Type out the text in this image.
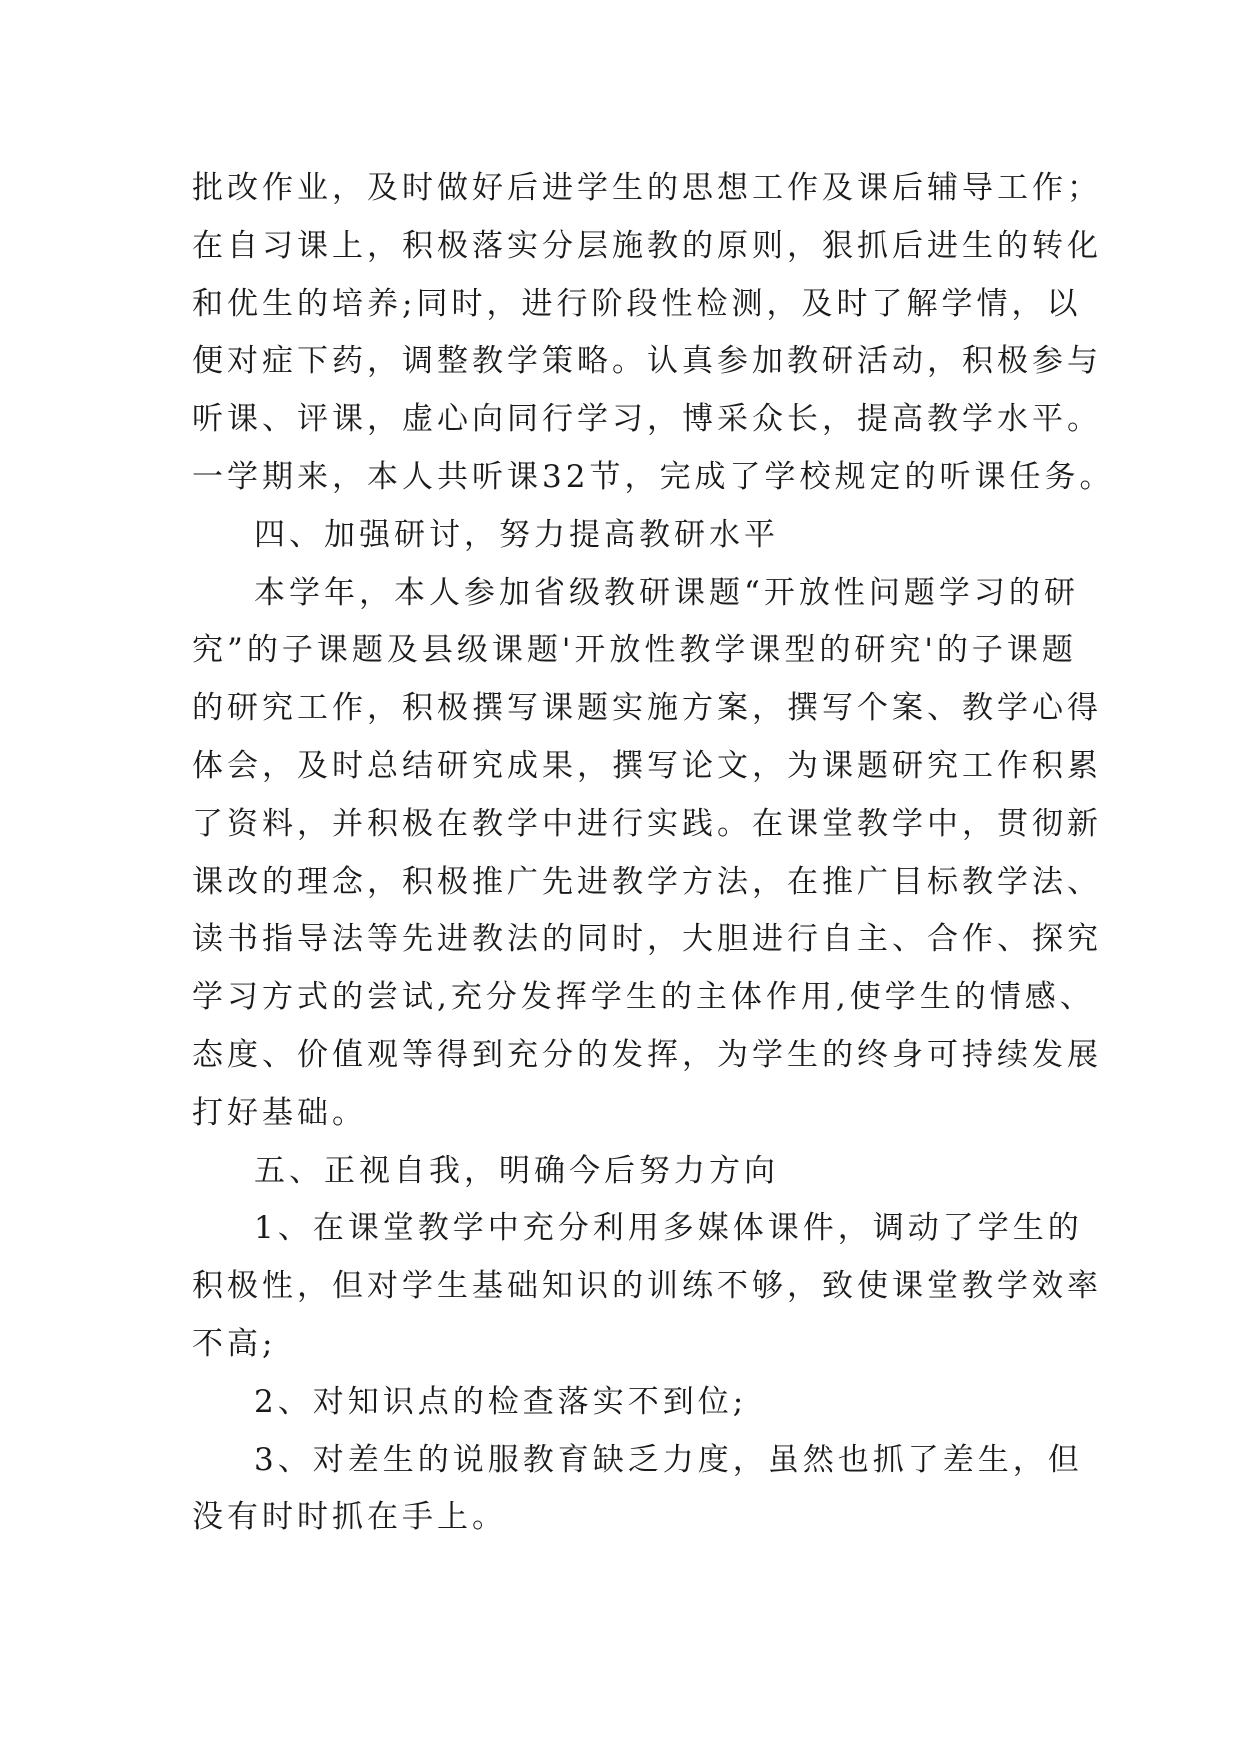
批改作业，及时做好后进学生的思想工作及课后辅导工作；
在自习课上，积极落实分层施教的原则，狠抓后进生的转化
和优生的培养;同时，进行阶段性检测，及时了解学情，以
便对症下药，调整教学策略。认真参加教研活动，积极参与
听课、评课，虚心向同行学习，博采众长，提高教学水平。
一学期来，本人共听课32节，完成了学校规定的听课任务。
四、加强研讨，努力提高教研水平
本学年，本人参加省级教研课题“开放性问题学习的研
究”的子课题及县级课题'开放性教学课型的研究'的子课题
的研究工作，积极撰写课题实施方案，撰写个案、教学心得
体会，及时总结研究成果，撰写论文，为课题研究工作积累
了资料，并积极在教学中进行实践。在课堂教学中，贯彻新
课改的理念，积极推广先进教学方法，在推广目标教学法、
读书指导法等先进教法的同时，大胆进行自主、合作、探究
学习方式的尝试,充分发挥学生的主体作用,使学生的情感、
态度、价值观等得到充分的发挥，为学生的终身可持续发展
打好基础。
五、正视自我，明确今后努力方向
1、在课堂教学中充分利用多媒体课件，调动了学生的
积极性，但对学生基础知识的训练不够，致使课堂教学效率
不高;
2、对知识点的检查落实不到位;
3、对差生的说服教育缺乏力度，虽然也抓了差生，但
没有时时抓在手上。
